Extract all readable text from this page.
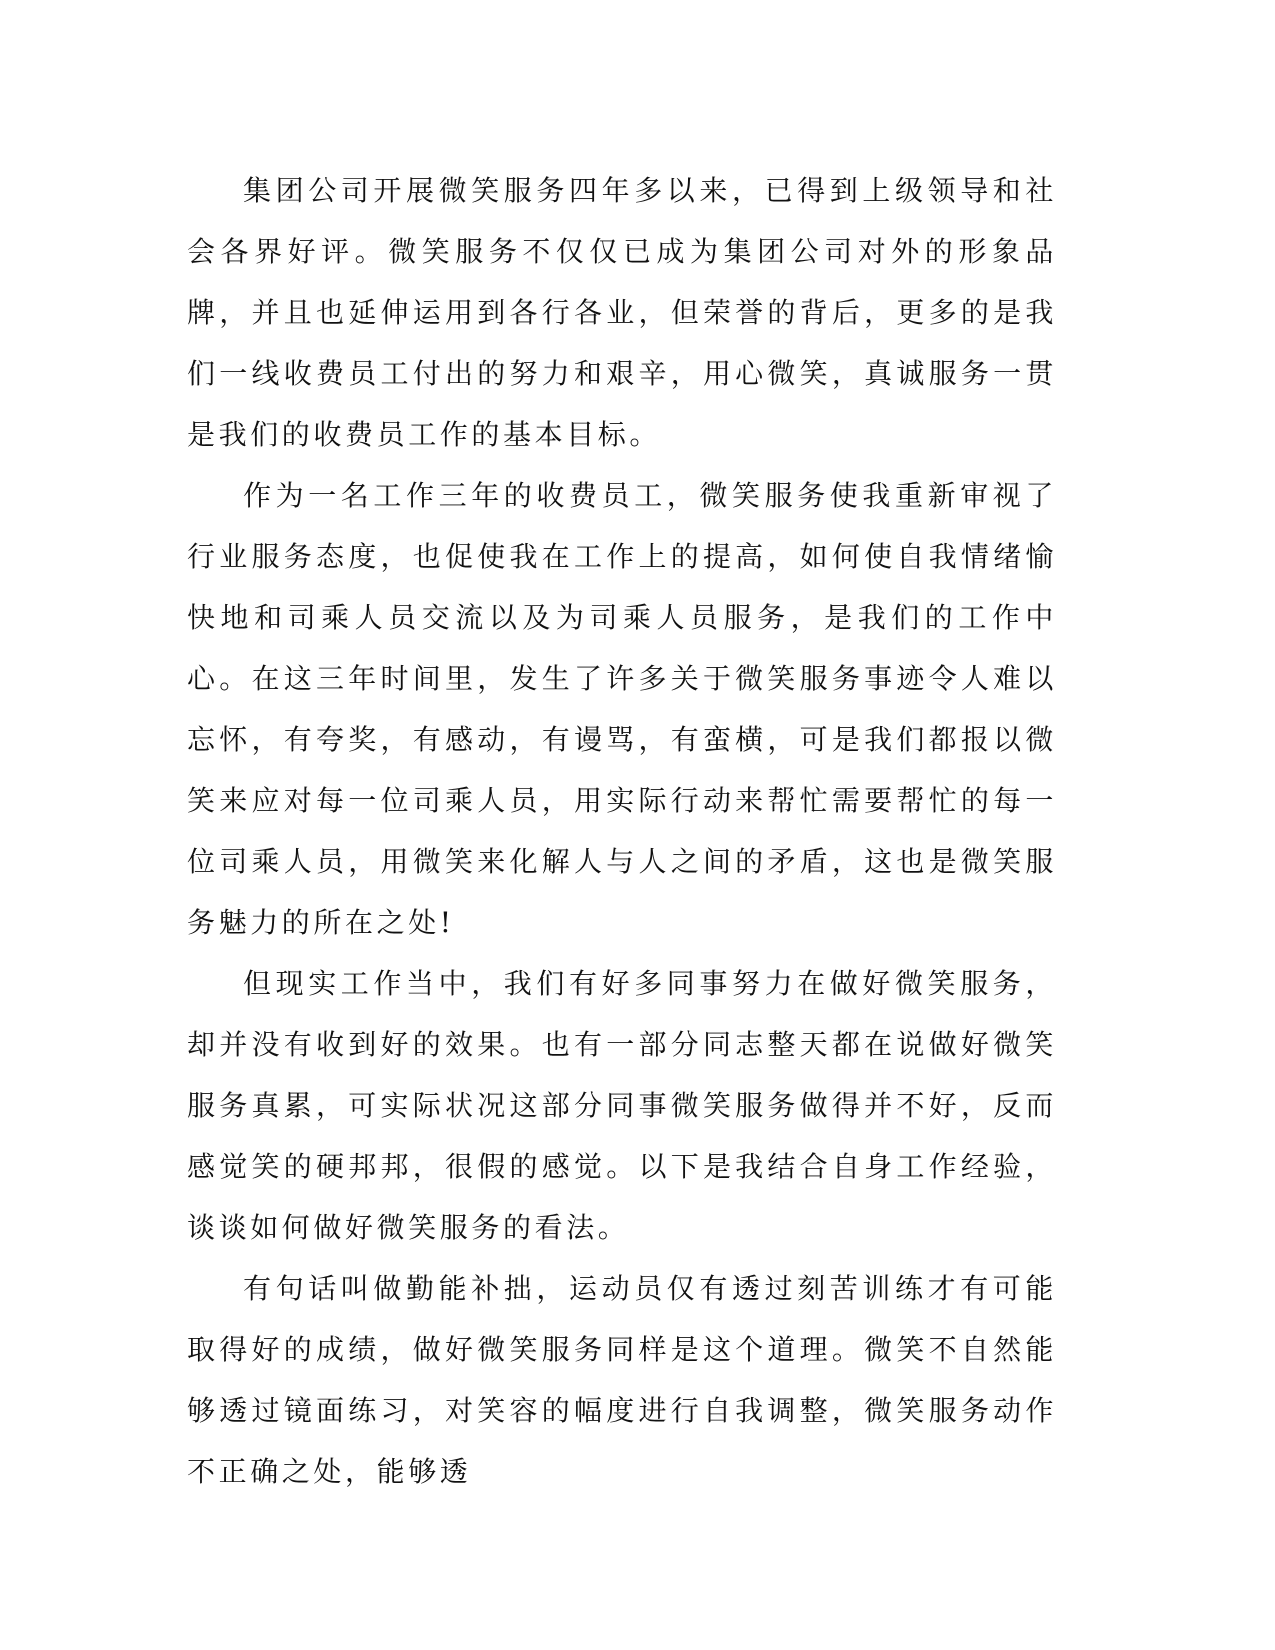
集团公司开展微笑服务四年多以来，已得到上级领导和社会各界好评。微笑服务不仅仅已成为集团公司对外的形象品牌，并且也延伸运用到各行各业，但荣誉的背后，更多的是我们一线收费员工付出的努力和艰辛，用心微笑，真诚服务一贯是我们的收费员工作的基本目标。

作为一名工作三年的收费员工，微笑服务使我重新审视了行业服务态度，也促使我在工作上的提高，如何使自我情绪愉快地和司乘人员交流以及为司乘人员服务，是我们的工作中心。在这三年时间里，发生了许多关于微笑服务事迹令人难以忘怀，有夸奖，有感动，有谩骂，有蛮横，可是我们都报以微笑来应对每一位司乘人员，用实际行动来帮忙需要帮忙的每一位司乘人员，用微笑来化解人与人之间的矛盾，这也是微笑服务魅力的所在之处!

但现实工作当中，我们有好多同事努力在做好微笑服务，却并没有收到好的效果。也有一部分同志整天都在说做好微笑服务真累，可实际状况这部分同事微笑服务做得并不好，反而感觉笑的硬邦邦，很假的感觉。以下是我结合自身工作经验，谈谈如何做好微笑服务的看法。

有句话叫做勤能补拙，运动员仅有透过刻苦训练才有可能取得好的成绩，做好微笑服务同样是这个道理。微笑不自然能够透过镜面练习，对笑容的幅度进行自我调整，微笑服务动作不正确之处，能够透
